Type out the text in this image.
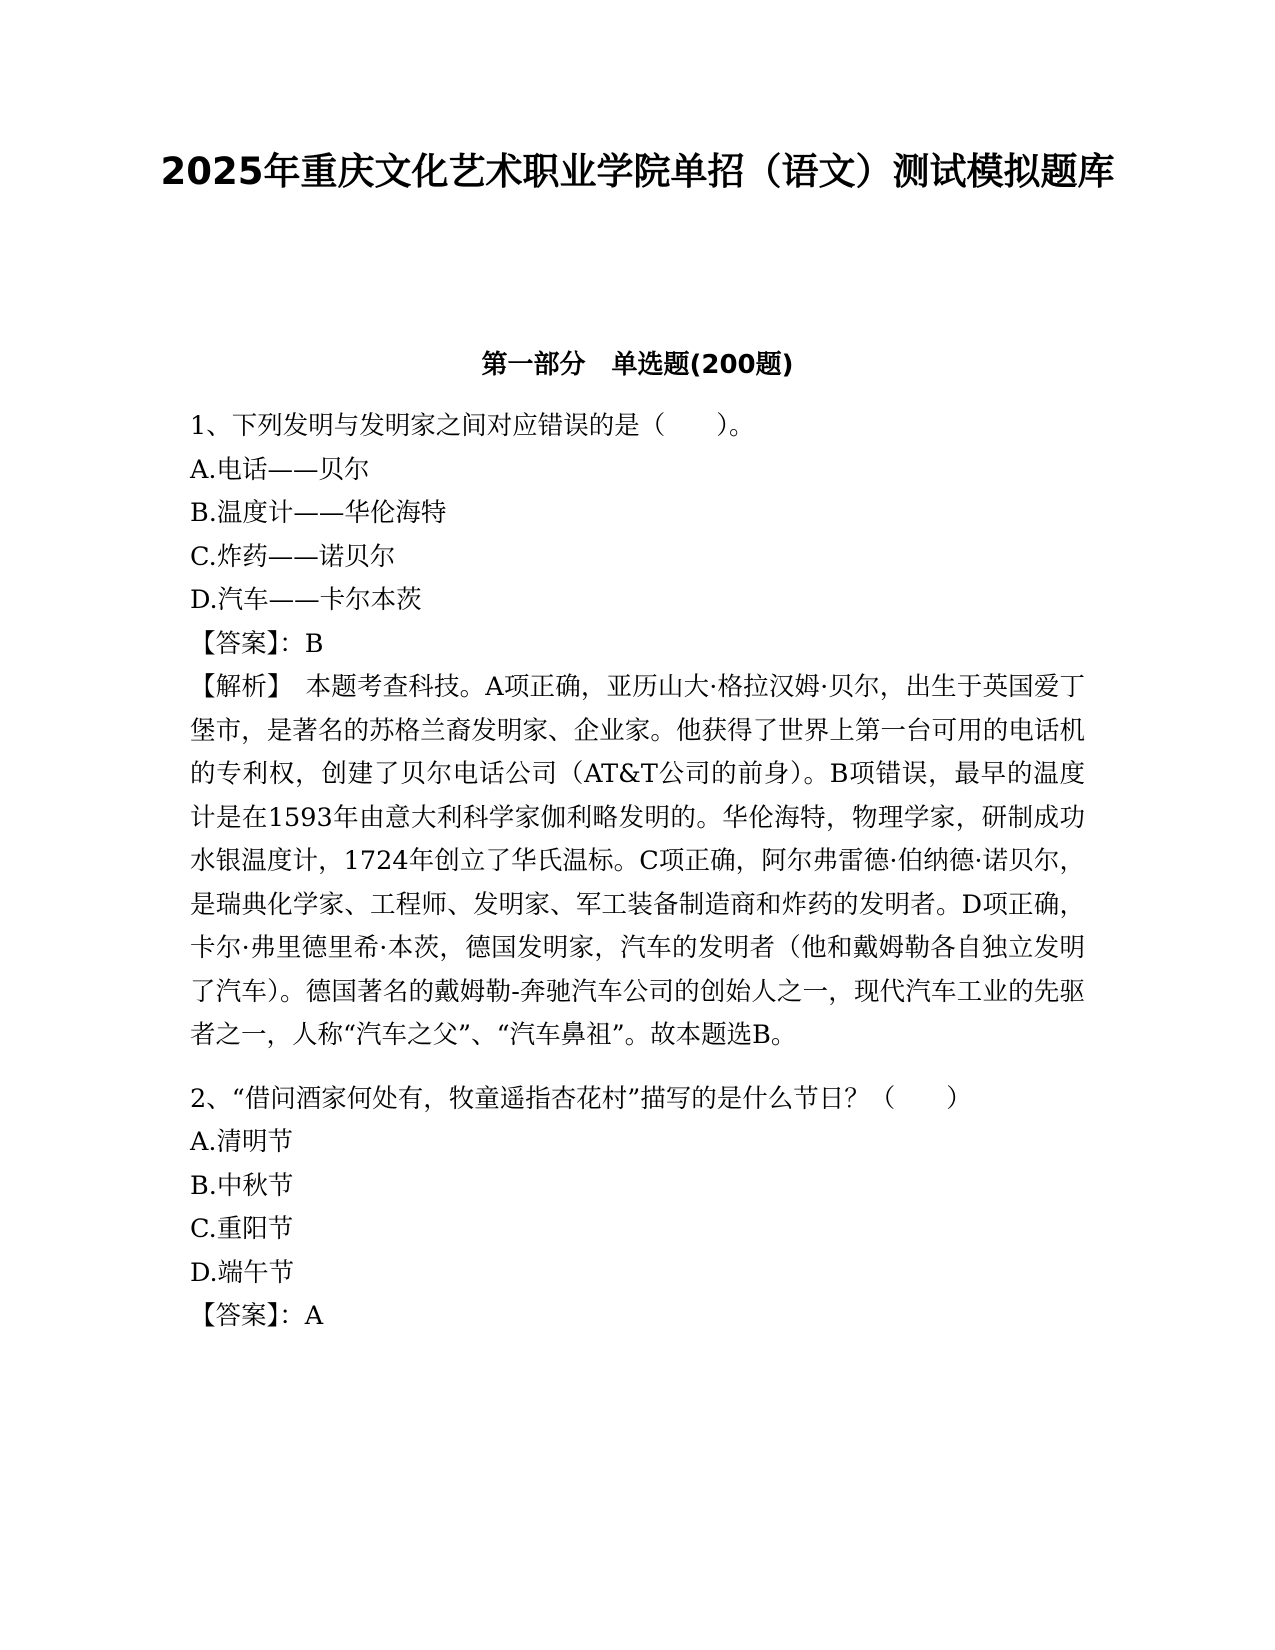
2025年重庆文化艺术职业学院单招（语文）测试模拟题库
第一部分　单选题(200题)
1、下列发明与发明家之间对应错误的是（　　）。
A.电话——贝尔
B.温度计——华伦海特
C.炸药——诺贝尔
D.汽车——卡尔本茨
【答案】：B
【解析】　本题考查科技。A项正确，亚历山大·格拉汉姆·贝尔，出生于英国爱丁堡市，是著名的苏格兰裔发明家、企业家。他获得了世界上第一台可用的电话机的专利权，创建了贝尔电话公司（AT&T公司的前身）。B项错误，最早的温度计是在1593年由意大利科学家伽利略发明的。华伦海特，物理学家，研制成功水银温度计，1724年创立了华氏温标。C项正确，阿尔弗雷德·伯纳德·诺贝尔，是瑞典化学家、工程师、发明家、军工装备制造商和炸药的发明者。D项正确，卡尔·弗里德里希·本茨，德国发明家，汽车的发明者（他和戴姆勒各自独立发明了汽车）。德国著名的戴姆勒-奔驰汽车公司的创始人之一，现代汽车工业的先驱者之一，人称“汽车之父”、“汽车鼻祖”。故本题选B。
2、“借问酒家何处有，牧童遥指杏花村”描写的是什么节日？（　　）
A.清明节
B.中秋节
C.重阳节
D.端午节
【答案】：A
